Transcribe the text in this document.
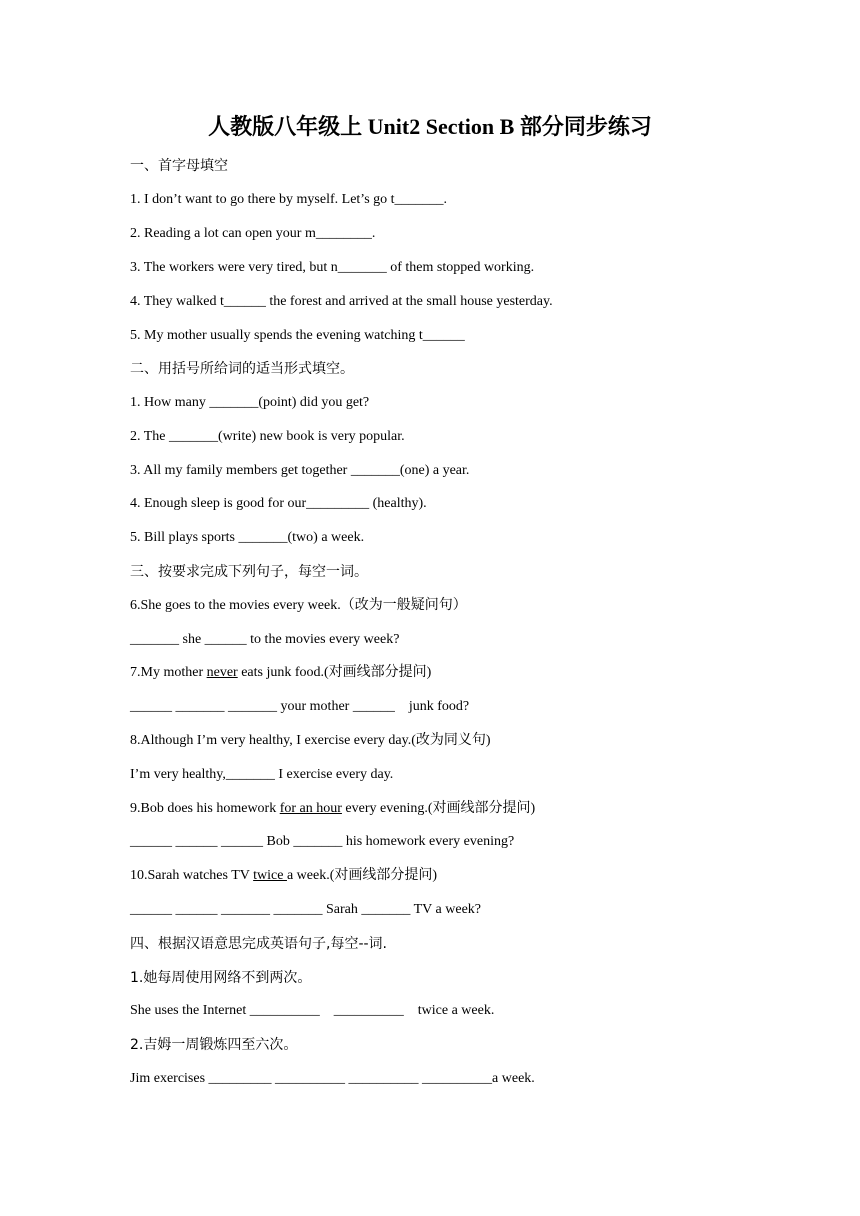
人教版八年级上 Unit2 Section B 部分同步练习
一、首字母填空
1. I don’t want to go there by myself. Let’s go t_______.
2. Reading a lot can open your m________.
3. The workers were very tired, but n_______ of them stopped working.
4. They walked t______ the forest and arrived at the small house yesterday.
5. My mother usually spends the evening watching t______
二、用括号所给词的适当形式填空。
1. How many _______(point) did you get?
2. The _______(write) new book is very popular.
3. All my family members get together _______(one) a year.
4. Enough sleep is good for our_________ (healthy).
5. Bill plays sports _______(two) a week.
三、按要求完成下列句子，每空一词。
6.She goes to the movies every week.（改为一般疑问句）
_______ she ______ to the movies every week?
7.My mother never eats junk food.(对画线部分提问)
______ _______ _______ your mother ______    junk food?
8.Although I’m very healthy, I exercise every day.(改为同义句)
I’m very healthy,_______ I exercise every day.
9.Bob does his homework for an hour every evening.(对画线部分提问)
______ ______ ______ Bob _______ his homework every evening?
10.Sarah watches TV twice a week.(对画线部分提问)
______ ______ _______ _______ Sarah _______ TV a week?
四、根据汉语意思完成英语句子,每空--词.
1.她每周使用网络不到两次。
She uses the Internet __________    __________    twice a week.
2.吉姆一周锻炼四至六次。
Jim exercises _________ __________ __________ __________a week.
